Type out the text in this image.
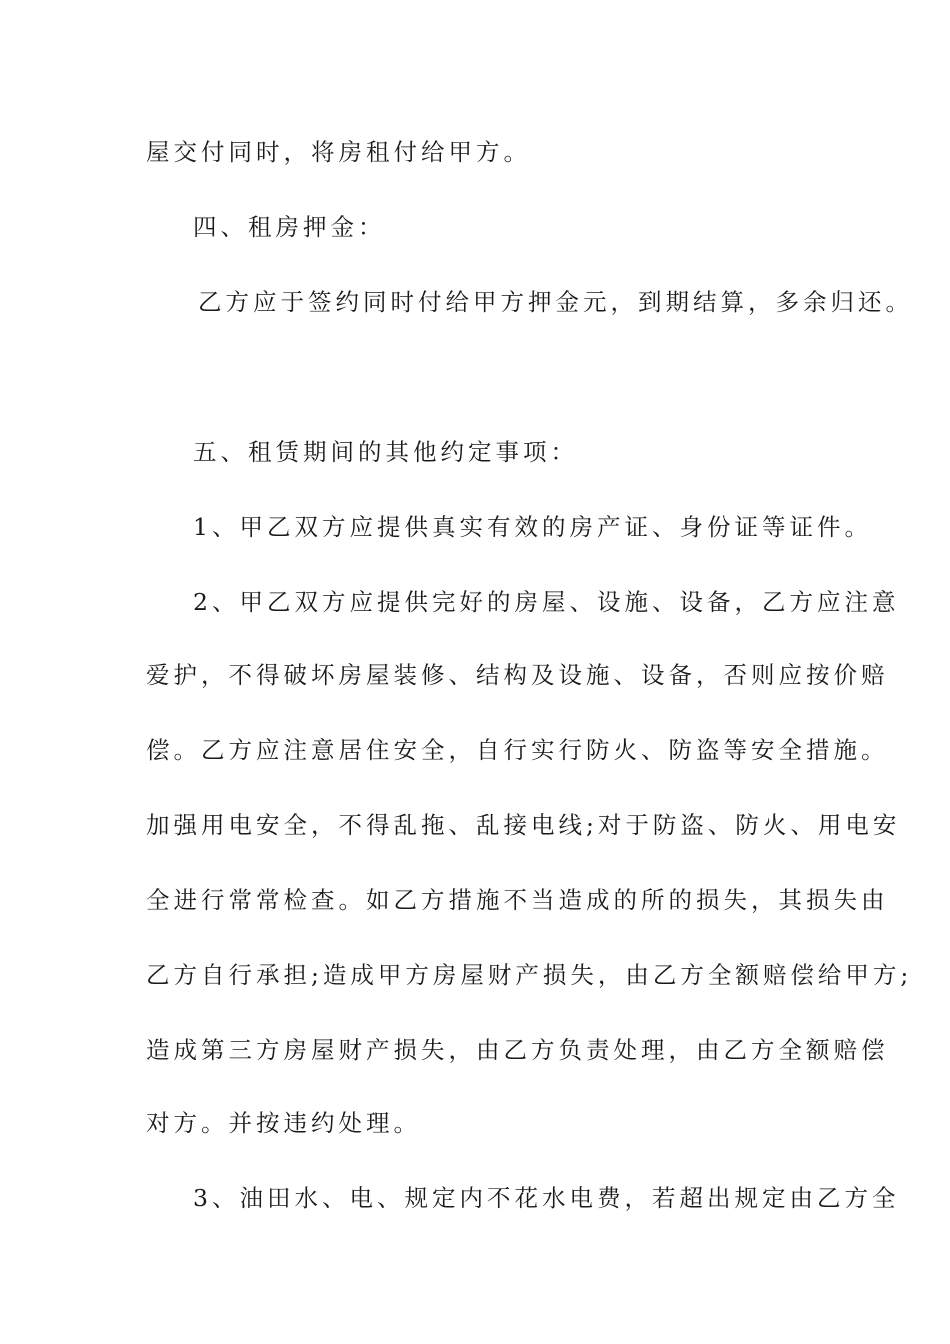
屋交付同时，将房租付给甲方。
四、租房押金：
乙方应于签约同时付给甲方押金元，到期结算，多余归还。
五、租赁期间的其他约定事项：
1、甲乙双方应提供真实有效的房产证、身份证等证件。
2、甲乙双方应提供完好的房屋、设施、设备，乙方应注意
爱护，不得破坏房屋装修、结构及设施、设备，否则应按价赔
偿。乙方应注意居住安全，自行实行防火、防盗等安全措施。
加强用电安全，不得乱拖、乱接电线;对于防盗、防火、用电安
全进行常常检查。如乙方措施不当造成的所的损失，其损失由
乙方自行承担;造成甲方房屋财产损失，由乙方全额赔偿给甲方;
造成第三方房屋财产损失，由乙方负责处理，由乙方全额赔偿
对方。并按违约处理。
3、油田水、电、规定内不花水电费，若超出规定由乙方全
